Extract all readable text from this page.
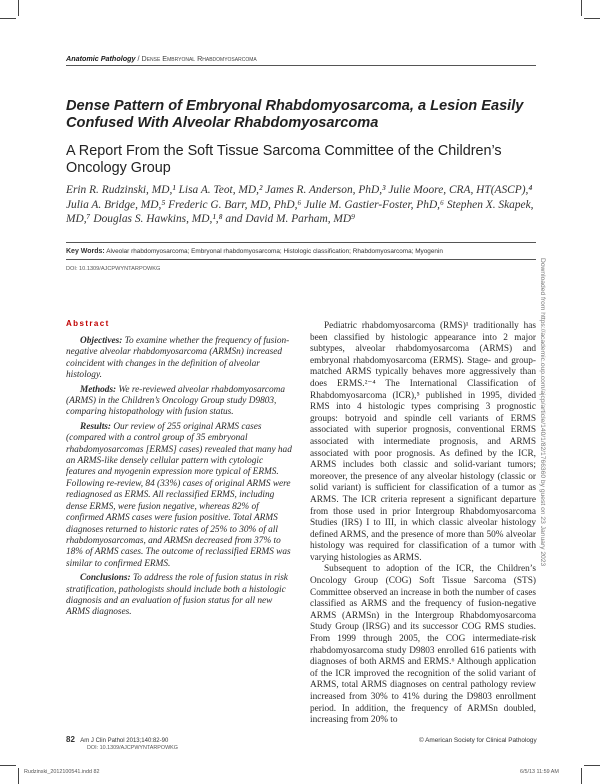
Anatomic Pathology / Dense Embryonal Rhabdomyosarcoma
Dense Pattern of Embryonal Rhabdomyosarcoma, a Lesion Easily Confused With Alveolar Rhabdomyosarcoma
A Report From the Soft Tissue Sarcoma Committee of the Children’s Oncology Group
Erin R. Rudzinski, MD,¹ Lisa A. Teot, MD,² James R. Anderson, PhD,³ Julie Moore, CRA, HT(ASCP),⁴ Julia A. Bridge, MD,⁵ Frederic G. Barr, MD, PhD,⁶ Julie M. Gastier-Foster, PhD,⁶ Stephen X. Skapek, MD,⁷ Douglas S. Hawkins, MD,¹,⁸ and David M. Parham, MD⁹
Key Words: Alveolar rhabdomyosarcoma; Embryonal rhabdomyosarcoma; Histologic classification; Rhabdomyosarcoma; Myogenin
DOI: 10.1309/AJCPWYNTARPOWKG
Abstract

Objectives: To examine whether the frequency of fusion-negative alveolar rhabdomyosarcoma (ARMSn) increased coincident with changes in the definition of alveolar histology.

Methods: We re-reviewed alveolar rhabdomyosarcoma (ARMS) in the Children’s Oncology Group study D9803, comparing histopathology with fusion status.

Results: Our review of 255 original ARMS cases (compared with a control group of 35 embryonal rhabdomyosarcomas [ERMS] cases) revealed that many had an ARMS-like densely cellular pattern with cytologic features and myogenin expression more typical of ERMS. Following re-review, 84 (33%) cases of original ARMS were rediagnosed as ERMS. All reclassified ERMS, including dense ERMS, were fusion negative, whereas 82% of confirmed ARMS cases were fusion positive. Total ARMS diagnoses returned to historic rates of 25% to 30% of all rhabdomyosarcomas, and ARMSn decreased from 37% to 18% of ARMS cases. The outcome of reclassified ERMS was similar to confirmed ERMS.

Conclusions: To address the role of fusion status in risk stratification, pathologists should include both a histologic diagnosis and an evaluation of fusion status for all new ARMS diagnoses.

Pediatric rhabdomyosarcoma (RMS)¹ traditionally has been classified by histologic appearance into 2 major subtypes, alveolar rhabdomyosarcoma (ARMS) and embryonal rhabdomyosarcoma (ERMS). Stage- and group-matched ARMS typically behaves more aggressively than does ERMS.²⁻⁴ The International Classification of Rhabdomyosarcoma (ICR),⁵ published in 1995, divided RMS into 4 histologic types comprising 3 prognostic groups: botryoid and spindle cell variants of ERMS associated with superior prognosis, conventional ERMS associated with intermediate prognosis, and ARMS associated with poor prognosis. As defined by the ICR, ARMS includes both classic and solid-variant tumors; moreover, the presence of any alveolar histology (classic or solid variant) is sufficient for classification of a tumor as ARMS. The ICR criteria represent a significant departure from those used in prior Intergroup Rhabdomyosarcoma Studies (IRS) I to III, in which classic alveolar histology defined ARMS, and the presence of more than 50% alveolar histology was required for classification of a tumor with varying histologies as ARMS.

Subsequent to adoption of the ICR, the Children’s Oncology Group (COG) Soft Tissue Sarcoma (STS) Committee observed an increase in both the number of cases classified as ARMS and the frequency of fusion-negative ARMS (ARMSn) in the Intergroup Rhabdomyosarcoma Study Group (IRSG) and its successor COG RMS studies. From 1999 through 2005, the COG intermediate-risk rhabdomyosarcoma study D9803 enrolled 616 patients with diagnoses of both ARMS and ERMS.⁶ Although application of the ICR improved the recognition of the solid variant of ARMS, total ARMS diagnoses on central pathology review increased from 30% to 41% during the D9803 enrollment period. In addition, the frequency of ARMSn doubled, increasing from 20% to

Downloaded from https://academic.oup.com/ajcp/article/140/1/82/1766360 by guest on 23 January 2023
82 Am J Clin Pathol 2013;140:82-90
DOI: 10.1309/AJCPWYNTARPOWKG
© American Society for Clinical Pathology
Rudzinski_2012100541.indd 82	6/5/13 11:59 AM
